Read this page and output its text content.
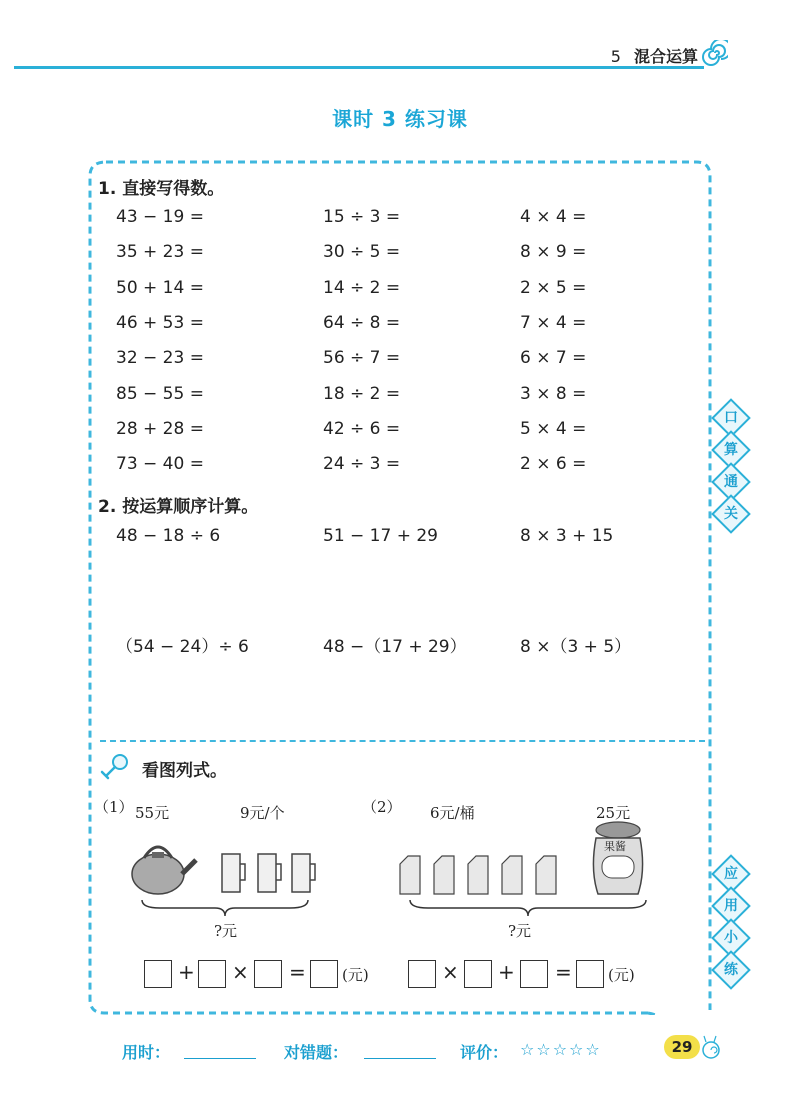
5 混合运算
课时 3 练习课
1. 直接写得数。
43 − 19 =	15 ÷ 3 =	4 × 4 =
35 + 23 =	30 ÷ 5 =	8 × 9 =
50 + 14 =	14 ÷ 2 =	2 × 5 =
46 + 53 =	64 ÷ 8 =	7 × 4 =
32 − 23 =	56 ÷ 7 =	6 × 7 =
85 − 55 =	18 ÷ 2 =	3 × 8 =
28 + 28 =	42 ÷ 6 =	5 × 4 =
73 − 40 =	24 ÷ 3 =	2 × 6 =
2. 按运算顺序计算。
48 − 18 ÷ 6	51 − 17 + 29	8 × 3 + 15
（54 − 24）÷ 6	48 −（17 + 29）	8 ×（3 + 5）
口
算
通
关
应
用
小
练
看图列式。
（1） 55元	9元/个
?元
（2） 6元/桶	25元
果酱
?元
+ × = (元)	× + = (元)
用时：	对错题：	评价： ☆☆☆☆☆	29
